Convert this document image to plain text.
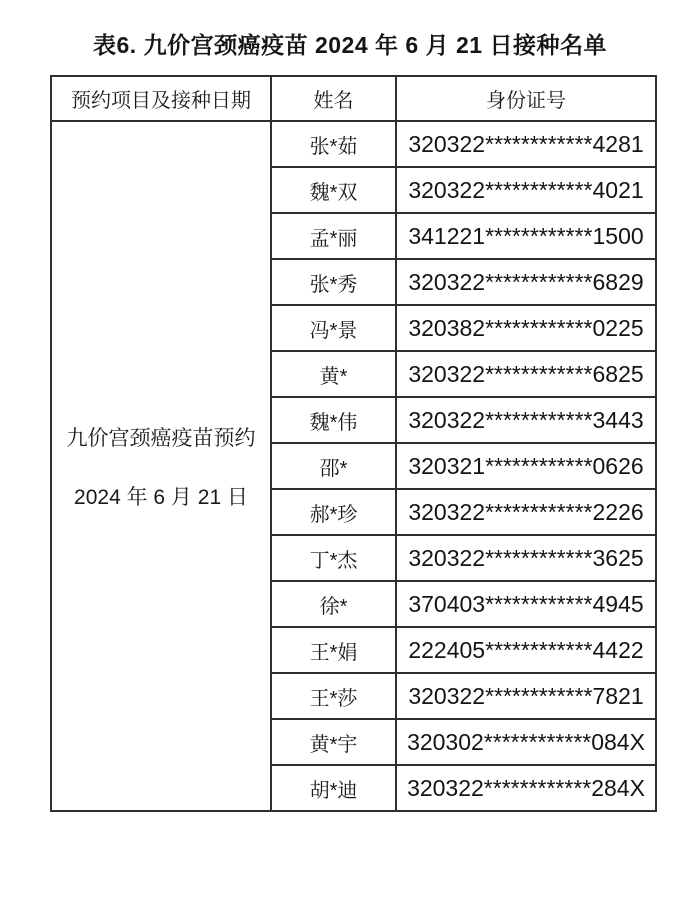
表6. 九价宫颈癌疫苗 2024 年 6 月 21 日接种名单
预约项目及接种日期	姓名	身份证号

九价宫颈癌疫苗预约
2024 年 6 月 21 日	张*茹	320322************4281
	魏*双	320322************4021
	孟*丽	341221************1500
	张*秀	320322************6829
	冯*景	320382************0225
	黄*	320322************6825
	魏*伟	320322************3443
	邵*	320321************0626
	郝*珍	320322************2226
	丁*杰	320322************3625
	徐*	370403************4945
	王*娟	222405************4422
	王*莎	320322************7821
	黄*宇	320302************084X
	胡*迪	320322************284X
